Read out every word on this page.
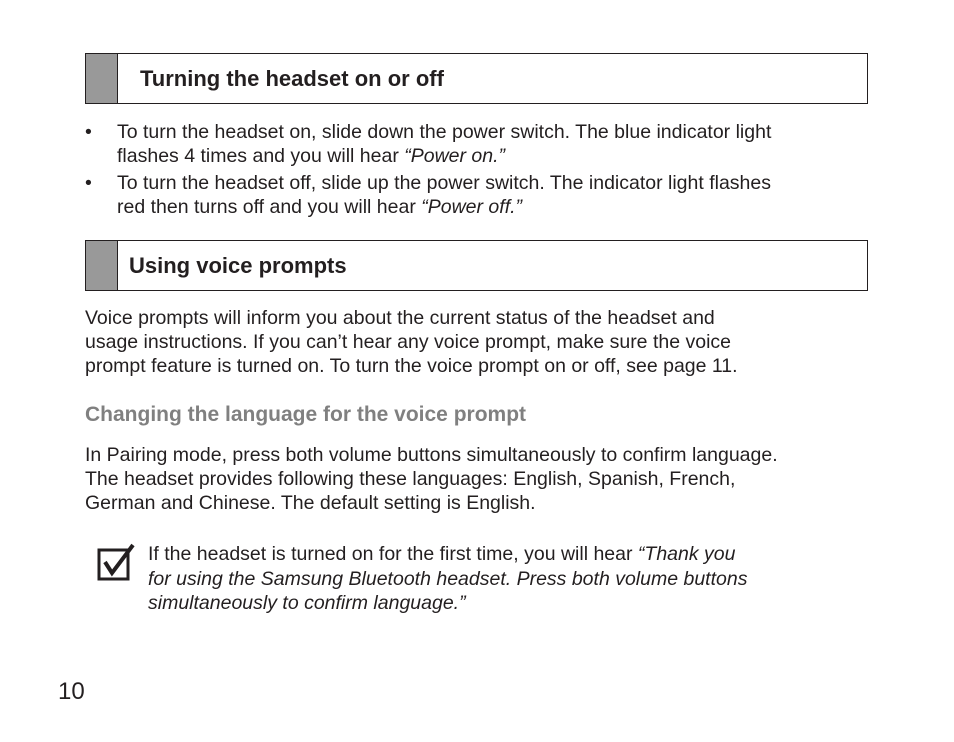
Turning the headset on or off
• To turn the headset on, slide down the power switch. The blue indicator light
flashes 4 times and you will hear “Power on.”
• To turn the headset off, slide up the power switch. The indicator light flashes
red then turns off and you will hear “Power off.”
Using voice prompts

Voice prompts will inform you about the current status of the headset and
usage instructions. If you can’t hear any voice prompt, make sure the voice
prompt feature is turned on. To turn the voice prompt on or off, see page 11.

Changing the language for the voice prompt

In Pairing mode, press both volume buttons simultaneously to confirm language.
The headset provides following these languages: English, Spanish, French,
German and Chinese. The default setting is English.

If the headset is turned on for the first time, you will hear “Thank you
for using the Samsung Bluetooth headset. Press both volume buttons
simultaneously to confirm language.”

10
